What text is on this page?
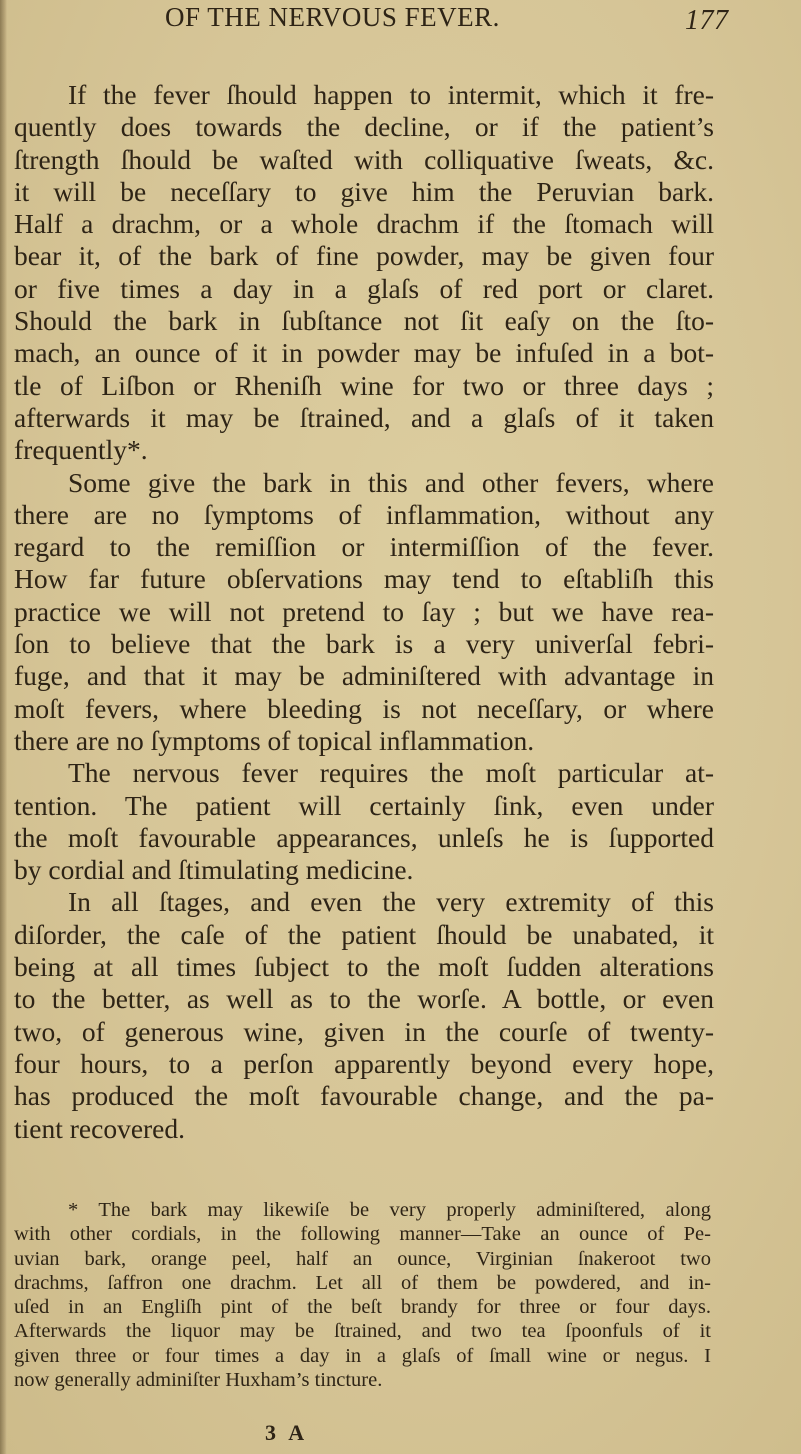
OF THE NERVOUS FEVER.	177
If the fever ſhould happen to intermit, which it fre-
quently does towards the decline, or if the patient’s
ſtrength ſhould be waſted with colliquative ſweats, &c.
it will be neceſſary to give him the Peruvian bark.
Half a drachm, or a whole drachm if the ſtomach will
bear it, of the bark of fine powder, may be given four
or five times a day in a glaſs of red port or claret.
Should the bark in ſubſtance not ſit eaſy on the ſto-
mach, an ounce of it in powder may be infuſed in a bot-
tle of Liſbon or Rheniſh wine for two or three days ;
afterwards it may be ſtrained, and a glaſs of it taken
frequently*.
Some give the bark in this and other fevers, where
there are no ſymptoms of inflammation, without any
regard to the remiſſion or intermiſſion of the fever.
How far future obſervations may tend to eſtabliſh this
practice we will not pretend to ſay ; but we have rea-
ſon to believe that the bark is a very univerſal febri-
fuge, and that it may be adminiſtered with advantage in
moſt fevers, where bleeding is not neceſſary, or where
there are no ſymptoms of topical inflammation.
The nervous fever requires the moſt particular at-
tention. The patient will certainly ſink, even under
the moſt favourable appearances, unleſs he is ſupported
by cordial and ſtimulating medicine.
In all ſtages, and even the very extremity of this
diſorder, the caſe of the patient ſhould be unabated, it
being at all times ſubject to the moſt ſudden alterations
to the better, as well as to the worſe. A bottle, or even
two, of generous wine, given in the courſe of twenty-
four hours, to a perſon apparently beyond every hope,
has produced the moſt favourable change, and the pa-
tient recovered.
* The bark may likewiſe be very properly adminiſtered, along
with other cordials, in the following manner—Take an ounce of Pe-
uvian bark, orange peel, half an ounce, Virginian ſnakeroot two
drachms, ſaffron one drachm. Let all of them be powdered, and in-
uſed in an Engliſh pint of the beſt brandy for three or four days.
Afterwards the liquor may be ſtrained, and two tea ſpoonfuls of it
given three or four times a day in a glaſs of ſmall wine or negus. I
now generally adminiſter Huxham’s tincture.
3 A
